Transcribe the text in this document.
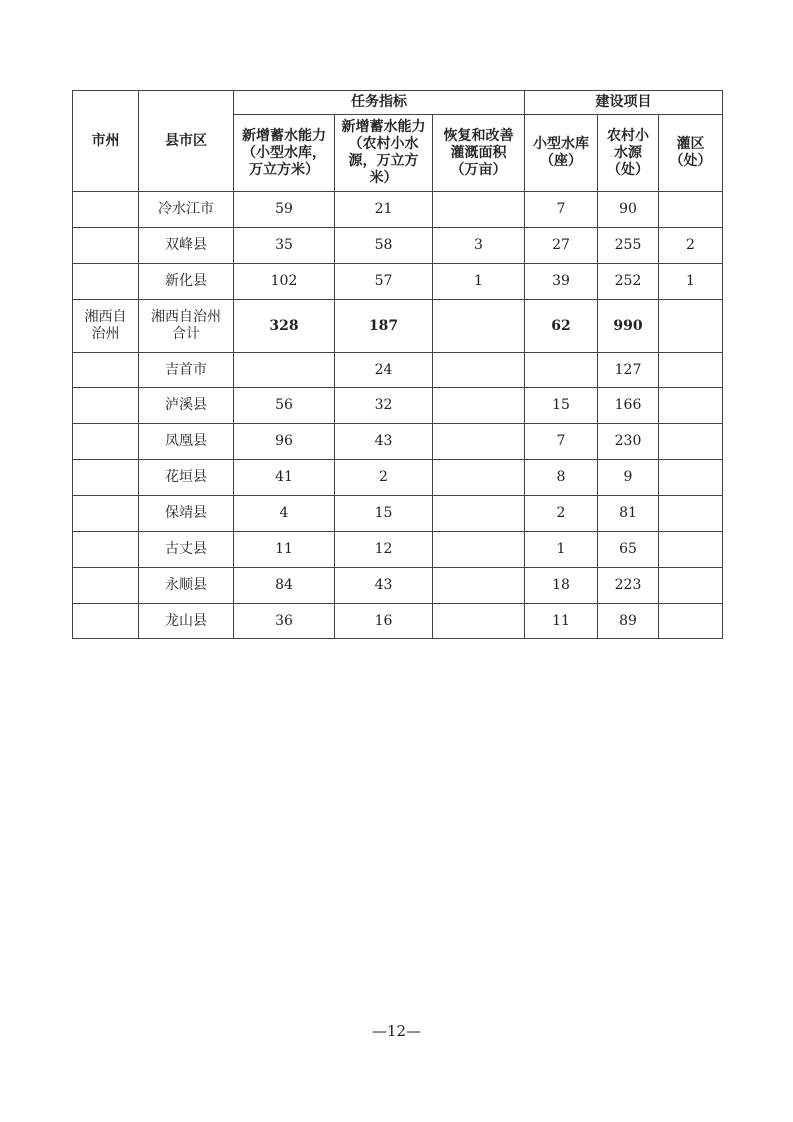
市州	县市区	任务指标			建设项目		
		新增蓄水能力（小型水库，万立方米）	新增蓄水能力（农村小水源，万立方米）	恢复和改善灌溉面积（万亩）	小型水库（座）	农村小水源（处）	灌区（处）
	冷水江市	59	21		7	90	
	双峰县	35	58	3	27	255	2
	新化县	102	57	1	39	252	1
湘西自治州	湘西自治州合计	328	187		62	990	
	吉首市		24			127	
	泸溪县	56	32		15	166	
	凤凰县	96	43		7	230	
	花垣县	41	2		8	9	
	保靖县	4	15		2	81	
	古丈县	11	12		1	65	
	永顺县	84	43		18	223	
	龙山县	36	16		11	89	
—12—
